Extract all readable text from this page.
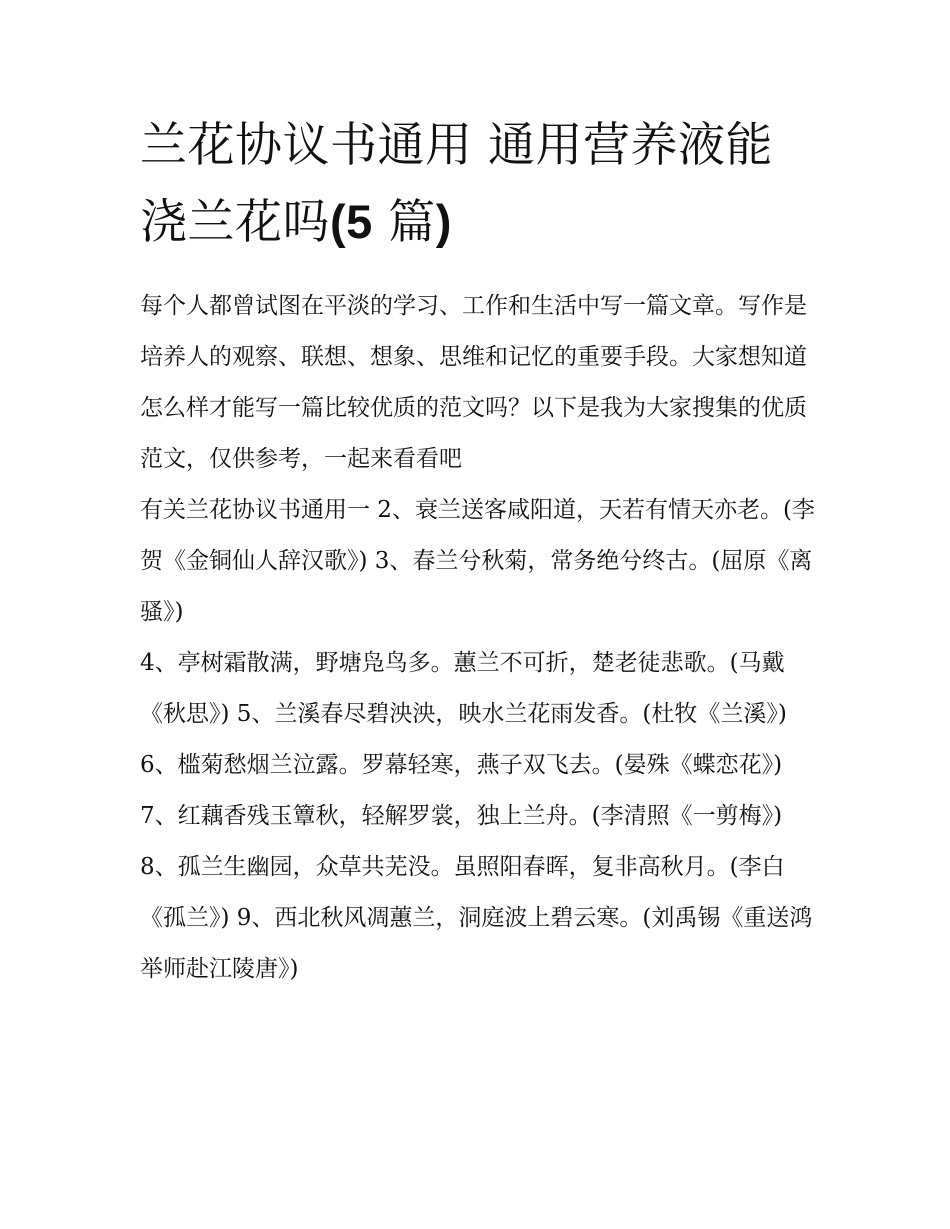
兰花协议书通用 通用营养液能
浇兰花吗(5 篇)

每个人都曾试图在平淡的学习、工作和生活中写一篇文章。写作是培养人的观察、联想、想象、思维和记忆的重要手段。大家想知道怎么样才能写一篇比较优质的范文吗？以下是我为大家搜集的优质范文，仅供参考，一起来看看吧

有关兰花协议书通用一 2、衰兰送客咸阳道，天若有情天亦老。(李贺《金铜仙人辞汉歌》) 3、春兰兮秋菊，常务绝兮终古。(屈原《离骚》)

4、亭树霜散满，野塘凫鸟多。蕙兰不可折，楚老徒悲歌。(马戴《秋思》) 5、兰溪春尽碧泱泱，映水兰花雨发香。(杜牧《兰溪》)

6、槛菊愁烟兰泣露。罗幕轻寒，燕子双飞去。(晏殊《蝶恋花》) 7、红藕香残玉簟秋，轻解罗裳，独上兰舟。(李清照《一剪梅》)

8、孤兰生幽园，众草共芜没。虽照阳春晖，复非高秋月。(李白《孤兰》) 9、西北秋风凋蕙兰，洞庭波上碧云寒。(刘禹锡《重送鸿举师赴江陵唐》)
